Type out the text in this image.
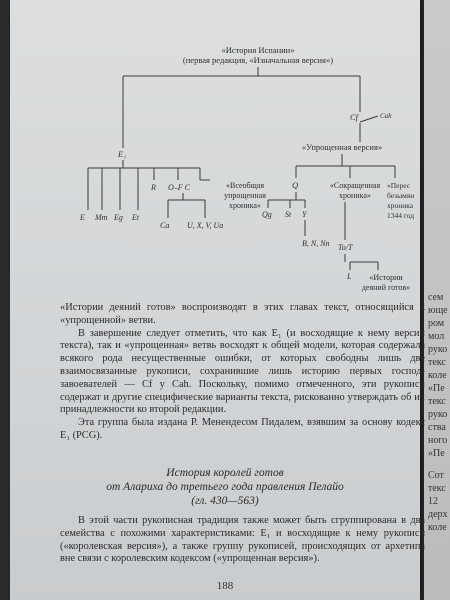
сем
юще
ром
мол
руко
текс
коле
«Пе
текс
руко
ства
ного
«Пе
Сот
текс
12
дерх
коле
«История Испании»
(первая редакция, «Изначальная версия»)
Cf	Cah
«Упрощенная версия»
E₁
E Mm Eg Et
R O–F C
Ca U, X, V, Ua
«Всеобщая
упрощенная
хроника»
Q
Qg St Y
B, N, Nn
«Сокращенная
хроника»
To/T
L «Истории
деяний готов»
«Перес
безымян
хроника
1344 год

«Истории деяний готов» воспроизводят в этих главах текст, относящийся к «упрощенной» ветви.

В завершение следует отметить, что как E₁ (и восходящие к нему версии текста), так и «упрощенная» ветвь восходят к общей модели, которая содержала всякого рода несущественные ошибки, от которых свободны лишь две взаимосвязанные рукописи, сохранившие лишь историю первых господ-завоевателей — Cf у Cah. Поскольку, помимо отмеченного, эти рукописи содержат и другие специфические варианты текста, рискованно утверждать об их принадлежности ко второй редакции.

Эта группа была издана Р. Менендесом Пидалем, взявшим за основу кодекс E₁ (PCG).

История королей готов
от Алариха до третьего года правления Пелайо
(гл. 430—563)

В этой части рукописная традиция также может быть сгруппирована в два семейства с похожими характеристиками: E₁ и восходящие к нему рукописи («королевская версия»), а также группу рукописей, происходящих от архетипа вне связи с королевским кодексом («упрощенная версия»).

188
